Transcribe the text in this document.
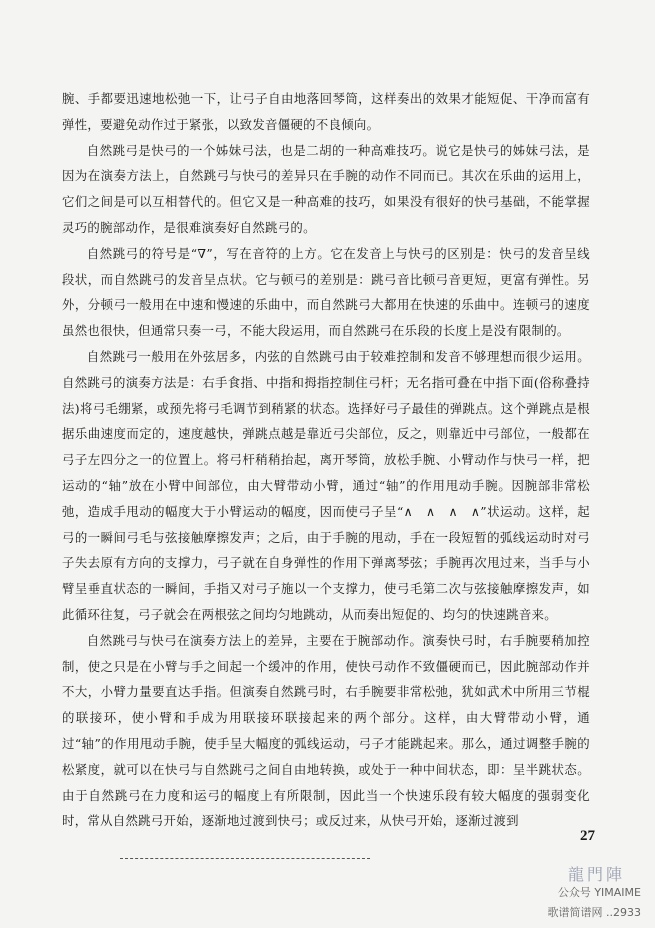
腕、手都要迅速地松弛一下，让弓子自由地落回琴筒，这样奏出的效果才能短促、干净而富有弹性，要避免动作过于紧张，以致发音僵硬的不良倾向。

自然跳弓是快弓的一个姊妹弓法，也是二胡的一种高难技巧。说它是快弓的姊妹弓法，是因为在演奏方法上，自然跳弓与快弓的差异只在手腕的动作不同而已。其次在乐曲的运用上，它们之间是可以互相替代的。但它又是一种高难的技巧，如果没有很好的快弓基础，不能掌握灵巧的腕部动作，是很难演奏好自然跳弓的。

自然跳弓的符号是“∇”，写在音符的上方。它在发音上与快弓的区别是：快弓的发音呈线段状，而自然跳弓的发音呈点状。它与顿弓的差别是：跳弓音比顿弓音更短，更富有弹性。另外，分顿弓一般用在中速和慢速的乐曲中，而自然跳弓大都用在快速的乐曲中。连顿弓的速度虽然也很快，但通常只奏一弓，不能大段运用，而自然跳弓在乐段的长度上是没有限制的。

自然跳弓一般用在外弦居多，内弦的自然跳弓由于较难控制和发音不够理想而很少运用。自然跳弓的演奏方法是：右手食指、中指和拇指控制住弓杆；无名指可叠在中指下面(俗称叠持法)将弓毛绷紧，或预先将弓毛调节到稍紧的状态。选择好弓子最佳的弹跳点。这个弹跳点是根据乐曲速度而定的，速度越快，弹跳点越是靠近弓尖部位，反之，则靠近中弓部位，一般都在弓子左四分之一的位置上。将弓杆稍稍抬起，离开琴筒，放松手腕、小臂动作与快弓一样，把运动的“轴”放在小臂中间部位，由大臂带动小臂，通过“轴”的作用甩动手腕。因腕部非常松弛，造成手甩动的幅度大于小臂运动的幅度，因而使弓子呈“∧　∧　∧　∧”状运动。这样，起弓的一瞬间弓毛与弦接触摩擦发声；之后，由于手腕的甩动，手在一段短暂的弧线运动时对弓子失去原有方向的支撑力，弓子就在自身弹性的作用下弹离琴弦；手腕再次甩过来，当手与小臂呈垂直状态的一瞬间，手指又对弓子施以一个支撑力，使弓毛第二次与弦接触摩擦发声，如此循环往复，弓子就会在两根弦之间均匀地跳动，从而奏出短促的、均匀的快速跳音来。

自然跳弓与快弓在演奏方法上的差异，主要在于腕部动作。演奏快弓时，右手腕要稍加控制，使之只是在小臂与手之间起一个缓冲的作用，使快弓动作不致僵硬而已，因此腕部动作并不大，小臂力量要直达手指。但演奏自然跳弓时，右手腕要非常松弛，犹如武术中所用三节棍的联接环，使小臂和手成为用联接环联接起来的两个部分。这样，由大臂带动小臂，通过“轴”的作用甩动手腕，使手呈大幅度的弧线运动，弓子才能跳起来。那么，通过调整手腕的松紧度，就可以在快弓与自然跳弓之间自由地转换，或处于一种中间状态，即：呈半跳状态。由于自然跳弓在力度和运弓的幅度上有所限制，因此当一个快速乐段有较大幅度的强弱变化时，常从自然跳弓开始，逐渐地过渡到快弓；或反过来，从快弓开始，逐渐过渡到

27
龍門陣
公众号 YIMAIME
歌谱简谱网 ..2933
